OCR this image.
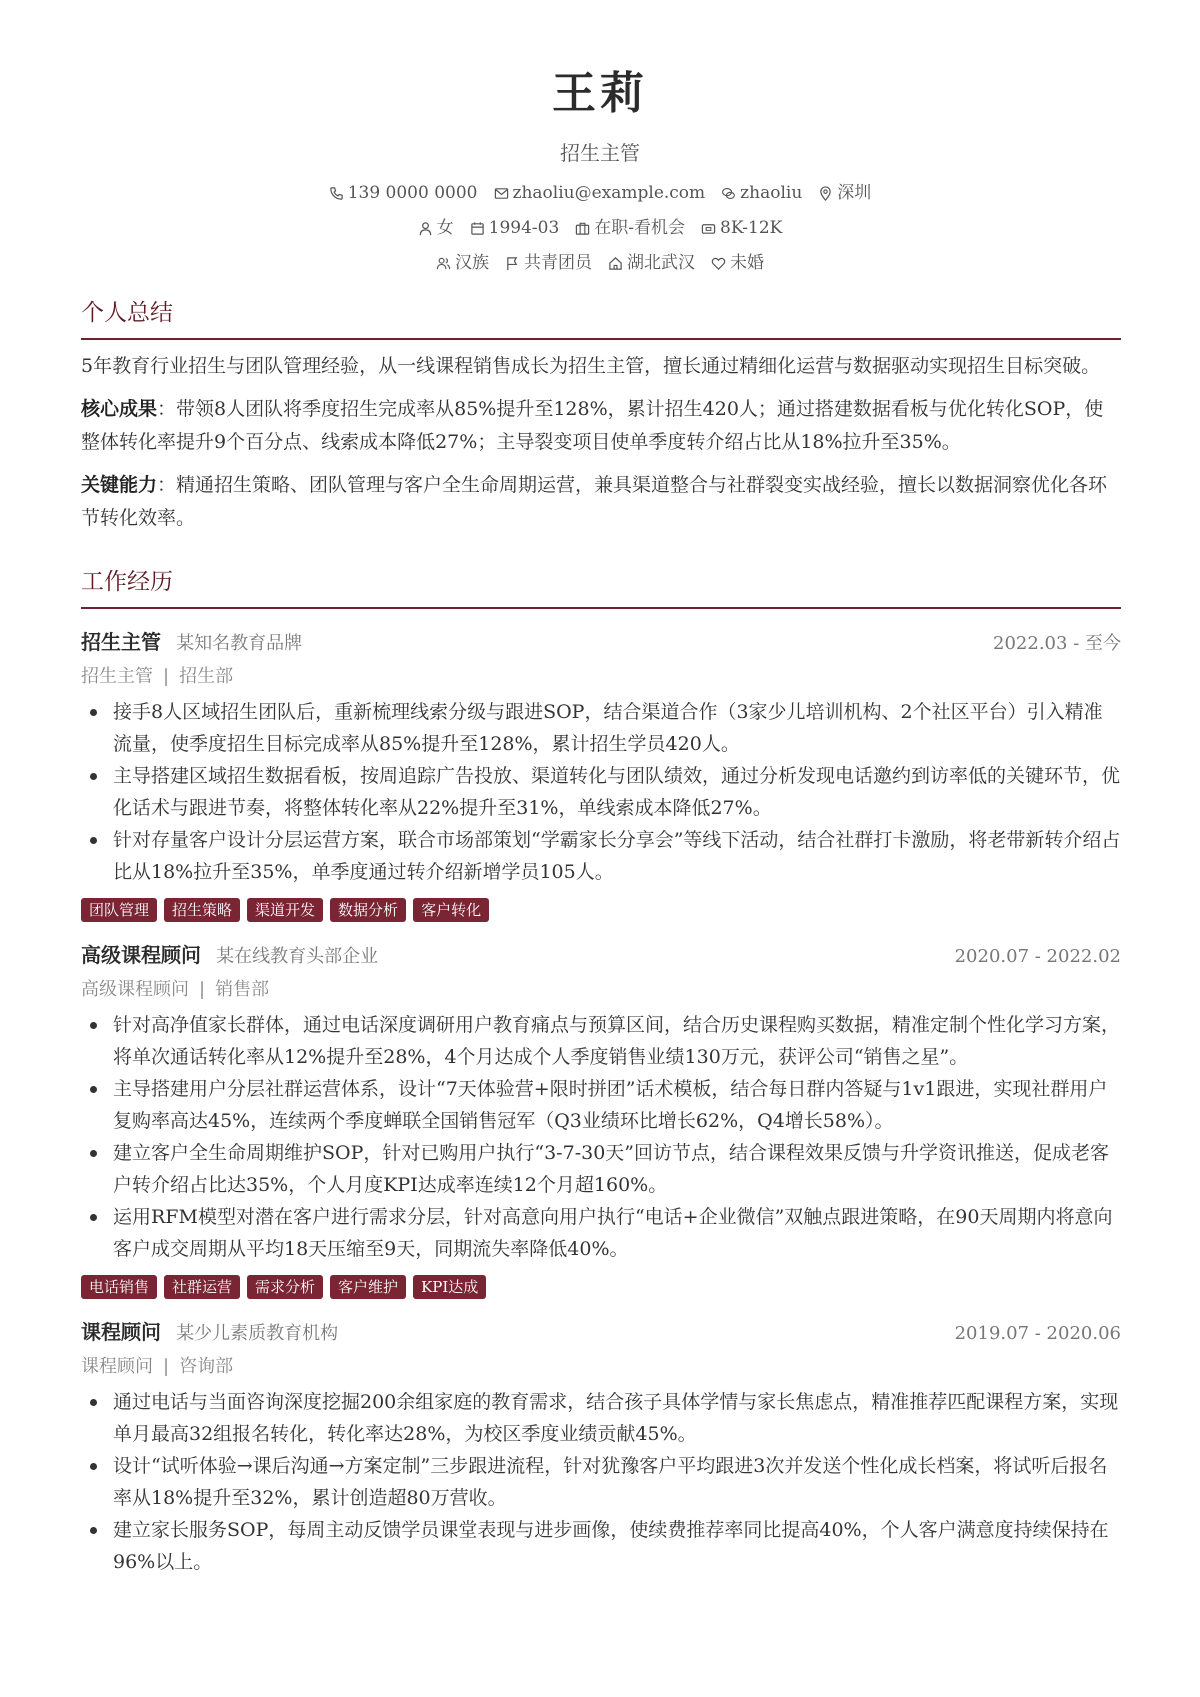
王莉
招生主管
139 0000 0000 zhaoliu@example.com zhaoliu 深圳
女 1994-03 在职-看机会 8K-12K
汉族 共青团员 湖北武汉 未婚
个人总结
5年教育行业招生与团队管理经验，从一线课程销售成长为招生主管，擅长通过精细化运营与数据驱动实现招生目标突破。
核心成果：带领8人团队将季度招生完成率从85%提升至128%，累计招生420人；通过搭建数据看板与优化转化SOP，使整体转化率提升9个百分点、线索成本降低27%；主导裂变项目使单季度转介绍占比从18%拉升至35%。
关键能力：精通招生策略、团队管理与客户全生命周期运营，兼具渠道整合与社群裂变实战经验，擅长以数据洞察优化各环节转化效率。
工作经历
招生主管 某知名教育品牌	2022.03 - 至今
招生主管 | 招生部
接手8人区域招生团队后，重新梳理线索分级与跟进SOP，结合渠道合作（3家少儿培训机构、2个社区平台）引入精准流量，使季度招生目标完成率从85%提升至128%，累计招生学员420人。
主导搭建区域招生数据看板，按周追踪广告投放、渠道转化与团队绩效，通过分析发现电话邀约到访率低的关键环节，优化话术与跟进节奏，将整体转化率从22%提升至31%，单线索成本降低27%。
针对存量客户设计分层运营方案，联合市场部策划“学霸家长分享会”等线下活动，结合社群打卡激励，将老带新转介绍占比从18%拉升至35%，单季度通过转介绍新增学员105人。
团队管理	招生策略	渠道开发	数据分析	客户转化
高级课程顾问 某在线教育头部企业	2020.07 - 2022.02
高级课程顾问 | 销售部
针对高净值家长群体，通过电话深度调研用户教育痛点与预算区间，结合历史课程购买数据，精准定制个性化学习方案，将单次通话转化率从12%提升至28%，4个月达成个人季度销售业绩130万元，获评公司“销售之星”。
主导搭建用户分层社群运营体系，设计“7天体验营+限时拼团”话术模板，结合每日群内答疑与1v1跟进，实现社群用户复购率高达45%，连续两个季度蝉联全国销售冠军（Q3业绩环比增长62%，Q4增长58%）。
建立客户全生命周期维护SOP，针对已购用户执行“3-7-30天”回访节点，结合课程效果反馈与升学资讯推送，促成老客户转介绍占比达35%，个人月度KPI达成率连续12个月超160%。
运用RFM模型对潜在客户进行需求分层，针对高意向用户执行“电话+企业微信”双触点跟进策略，在90天周期内将意向客户成交周期从平均18天压缩至9天，同期流失率降低40%。
电话销售	社群运营	需求分析	客户维护	KPI达成
课程顾问 某少儿素质教育机构	2019.07 - 2020.06
课程顾问 | 咨询部
通过电话与当面咨询深度挖掘200余组家庭的教育需求，结合孩子具体学情与家长焦虑点，精准推荐匹配课程方案，实现单月最高32组报名转化，转化率达28%，为校区季度业绩贡献45%。
设计“试听体验→课后沟通→方案定制”三步跟进流程，针对犹豫客户平均跟进3次并发送个性化成长档案，将试听后报名率从18%提升至32%，累计创造超80万营收。
建立家长服务SOP，每周主动反馈学员课堂表现与进步画像，使续费推荐率同比提高40%，个人客户满意度持续保持在96%以上。
